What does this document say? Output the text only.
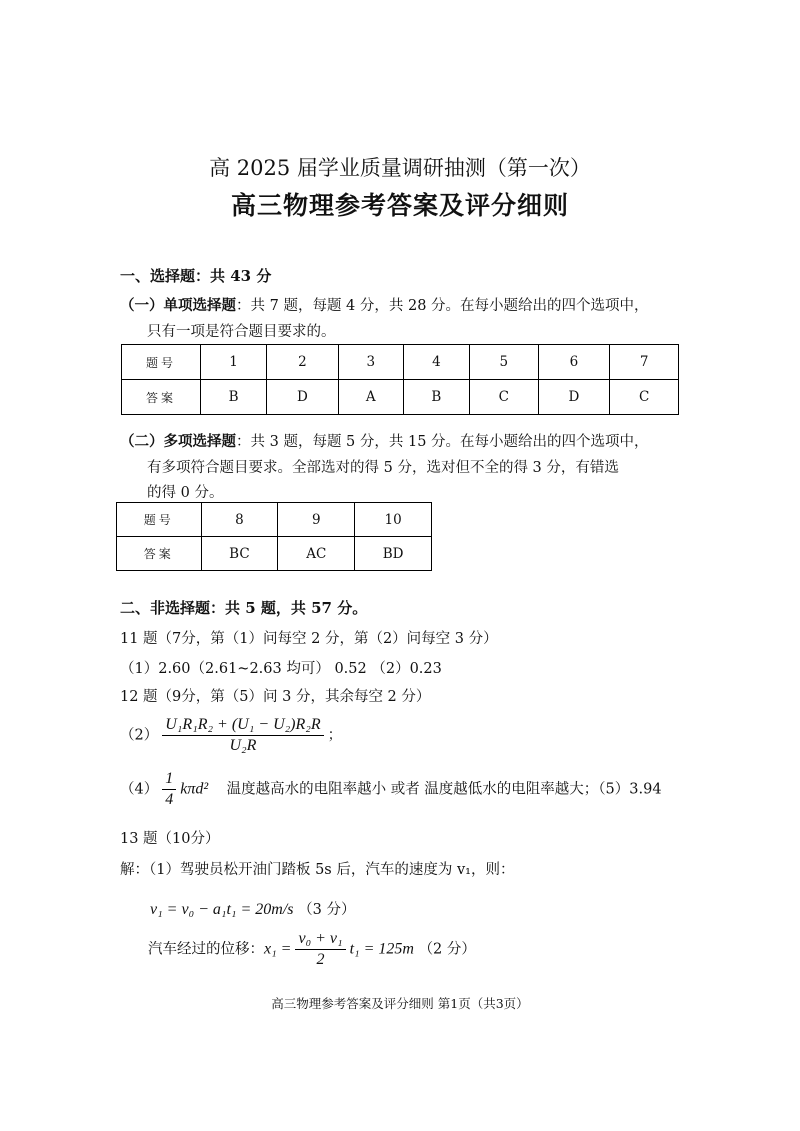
高 2025 届学业质量调研抽测（第一次）
高三物理参考答案及评分细则
一、选择题：共 43 分
（一）单项选择题：共 7 题，每题 4 分，共 28 分。在每小题给出的四个选项中，
只有一项是符合题目要求的。
题号	1	2	3	4	5	6	7
答案	B	D	A	B	C	D	C
（二）多项选择题：共 3 题，每题 5 分，共 15 分。在每小题给出的四个选项中，
有多项符合题目要求。全部选对的得 5 分，选对但不全的得 3 分，有错选
的得 0 分。
题号	8	9	10
答案	BC	AC	BD
二、非选择题：共 5 题，共 57 分。
11 题（7分，第（1）问每空 2 分，第（2）问每空 3 分）
（1）2.60（2.61~2.63 均可） 0.52 （2）0.23
12 题（9分，第（5）问 3 分，其余每空 2 分）
$(2) \frac{\text{U₁R₁R₂ + (U₁ − U₂)R₂R}}{\text{U₂R}}$ ；
$(4) \frac{1}{4} k\pi d^2$ 温度越高水的电阻率越小 或者 温度越低水的电阻率越大；（5）3.94
13 题（10分）
解：（1）驾驶员松开油门踏板 5s 后，汽车的速度为 v₁，则：
v₁ = v₀ − a₁t₁ = 20m/s （3 分）
汽车经过的位移：$x_1 = \frac{\text{v₀ + v₁}}{2} t_1 = 125m$ （2 分）
高三物理参考答案及评分细则 第1页（共3页）
